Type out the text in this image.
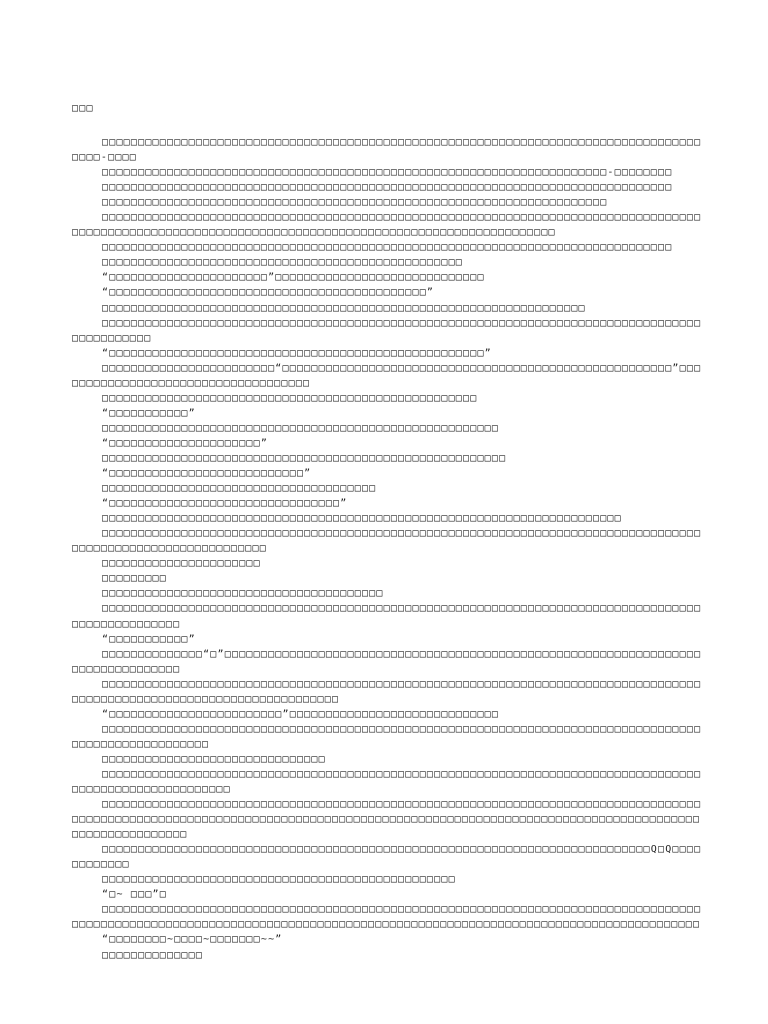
□□□
□□□□□□□□□□□□□□□□□□□□□□□□□□□□□□□□□□□□□□□□□□□□□□□□□□□□□□□□□□□□□□□□□□□□□□□□□□□□□□□□□□□□□□□-□□□□
□□□□□□□□□□□□□□□□□□□□□□□□□□□□□□□□□□□□□□□□□□□□□□□□□□□□□□□□□□□□□□□□□□□□□□-□□□□□□□□
□□□□□□□□□□□□□□□□□□□□□□□□□□□□□□□□□□□□□□□□□□□□□□□□□□□□□□□□□□□□□□□□□□□□□□□□□□□□□□□
□□□□□□□□□□□□□□□□□□□□□□□□□□□□□□□□□□□□□□□□□□□□□□□□□□□□□□□□□□□□□□□□□□□□□□
□□□□□□□□□□□□□□□□□□□□□□□□□□□□□□□□□□□□□□□□□□□□□□□□□□□□□□□□□□□□□□□□□□□□□□□□□□□□□□□□□□□□□□□□□□□□□□□□□□□□□□□□□□□□□□□□□□□□□□□□□□□□□□□□□□□□□□□□□□□□□□□□□□□□□□
□□□□□□□□□□□□□□□□□□□□□□□□□□□□□□□□□□□□□□□□□□□□□□□□□□□□□□□□□□□□□□□□□□□□□□□□□□□□□□□
□□□□□□□□□□□□□□□□□□□□□□□□□□□□□□□□□□□□□□□□□□□□□□□□□□
“□□□□□□□□□□□□□□□□□□□□□□”□□□□□□□□□□□□□□□□□□□□□□□□□□□□□
“□□□□□□□□□□□□□□□□□□□□□□□□□□□□□□□□□□□□□□□□□□□□”
□□□□□□□□□□□□□□□□□□□□□□□□□□□□□□□□□□□□□□□□□□□□□□□□□□□□□□□□□□□□□□□□□□□
□□□□□□□□□□□□□□□□□□□□□□□□□□□□□□□□□□□□□□□□□□□□□□□□□□□□□□□□□□□□□□□□□□□□□□□□□□□□□□□□□□□□□□□□□□□□□□
“□□□□□□□□□□□□□□□□□□□□□□□□□□□□□□□□□□□□□□□□□□□□□□□□□□□□”
□□□□□□□□□□□□□□□□□□□□□□□□“□□□□□□□□□□□□□□□□□□□□□□□□□□□□□□□□□□□□□□□□□□□□□□□□□□□□□□”□□□□□□□□□□□□□□□□□□□□□□□□□□□□□□□□□□□□
□□□□□□□□□□□□□□□□□□□□□□□□□□□□□□□□□□□□□□□□□□□□□□□□□□□□
“□□□□□□□□□□□”
□□□□□□□□□□□□□□□□□□□□□□□□□□□□□□□□□□□□□□□□□□□□□□□□□□□□□□□
“□□□□□□□□□□□□□□□□□□□□□”
□□□□□□□□□□□□□□□□□□□□□□□□□□□□□□□□□□□□□□□□□□□□□□□□□□□□□□□□
“□□□□□□□□□□□□□□□□□□□□□□□□□□□”
□□□□□□□□□□□□□□□□□□□□□□□□□□□□□□□□□□□□□□
“□□□□□□□□□□□□□□□□□□□□□□□□□□□□□□□□”
□□□□□□□□□□□□□□□□□□□□□□□□□□□□□□□□□□□□□□□□□□□□□□□□□□□□□□□□□□□□□□□□□□□□□□□□
□□□□□□□□□□□□□□□□□□□□□□□□□□□□□□□□□□□□□□□□□□□□□□□□□□□□□□□□□□□□□□□□□□□□□□□□□□□□□□□□□□□□□□□□□□□□□□□□□□□□□□□□□□□□□□
□□□□□□□□□□□□□□□□□□□□□□
□□□□□□□□□
□□□□□□□□□□□□□□□□□□□□□□□□□□□□□□□□□□□□□□□
□□□□□□□□□□□□□□□□□□□□□□□□□□□□□□□□□□□□□□□□□□□□□□□□□□□□□□□□□□□□□□□□□□□□□□□□□□□□□□□□□□□□□□□□□□□□□□□□□□
“□□□□□□□□□□□”
□□□□□□□□□□□□□□“□”□□□□□□□□□□□□□□□□□□□□□□□□□□□□□□□□□□□□□□□□□□□□□□□□□□□□□□□□□□□□□□□□□□□□□□□□□□□□□□□□□
□□□□□□□□□□□□□□□□□□□□□□□□□□□□□□□□□□□□□□□□□□□□□□□□□□□□□□□□□□□□□□□□□□□□□□□□□□□□□□□□□□□□□□□□□□□□□□□□□□□□□□□□□□□□□□□□□□□□□□□□
“□□□□□□□□□□□□□□□□□□□□□□□□”□□□□□□□□□□□□□□□□□□□□□□□□□□□□□
□□□□□□□□□□□□□□□□□□□□□□□□□□□□□□□□□□□□□□□□□□□□□□□□□□□□□□□□□□□□□□□□□□□□□□□□□□□□□□□□□□□□□□□□□□□□□□□□□□□□□□
□□□□□□□□□□□□□□□□□□□□□□□□□□□□□□□
□□□□□□□□□□□□□□□□□□□□□□□□□□□□□□□□□□□□□□□□□□□□□□□□□□□□□□□□□□□□□□□□□□□□□□□□□□□□□□□□□□□□□□□□□□□□□□□□□□□□□□□□□
□□□□□□□□□□□□□□□□□□□□□□□□□□□□□□□□□□□□□□□□□□□□□□□□□□□□□□□□□□□□□□□□□□□□□□□□□□□□□□□□□□□□□□□□□□□□□□□□□□□□□□□□□□□□□□□□□□□□□□□□□□□□□□□□□□□□□□□□□□□□□□□□□□□□□□□□□□□□□□□□□□□□□□□□□□□□□□□□□□□□□□□□□□
□□□□□□□□□□□□□□□□□□□□□□□□□□□□□□□□□□□□□□□□□□□□□□□□□□□□□□□□□□□□□□□□□□□□□□□□□□□□Q□Q□□□□□□□□□□□□
□□□□□□□□□□□□□□□□□□□□□□□□□□□□□□□□□□□□□□□□□□□□□□□□□
“□~ □□□”□
□□□□□□□□□□□□□□□□□□□□□□□□□□□□□□□□□□□□□□□□□□□□□□□□□□□□□□□□□□□□□□□□□□□□□□□□□□□□□□□□□□□□□□□□□□□□□□□□□□□□□□□□□□□□□□□□□□□□□□□□□□□□□□□□□□□□□□□□□□□□□□□□□□□□□□□□□□□□□□□□□□□□□□□□□□
“□□□□□□□□~□□□□~□□□□□□□~~”
□□□□□□□□□□□□□□
